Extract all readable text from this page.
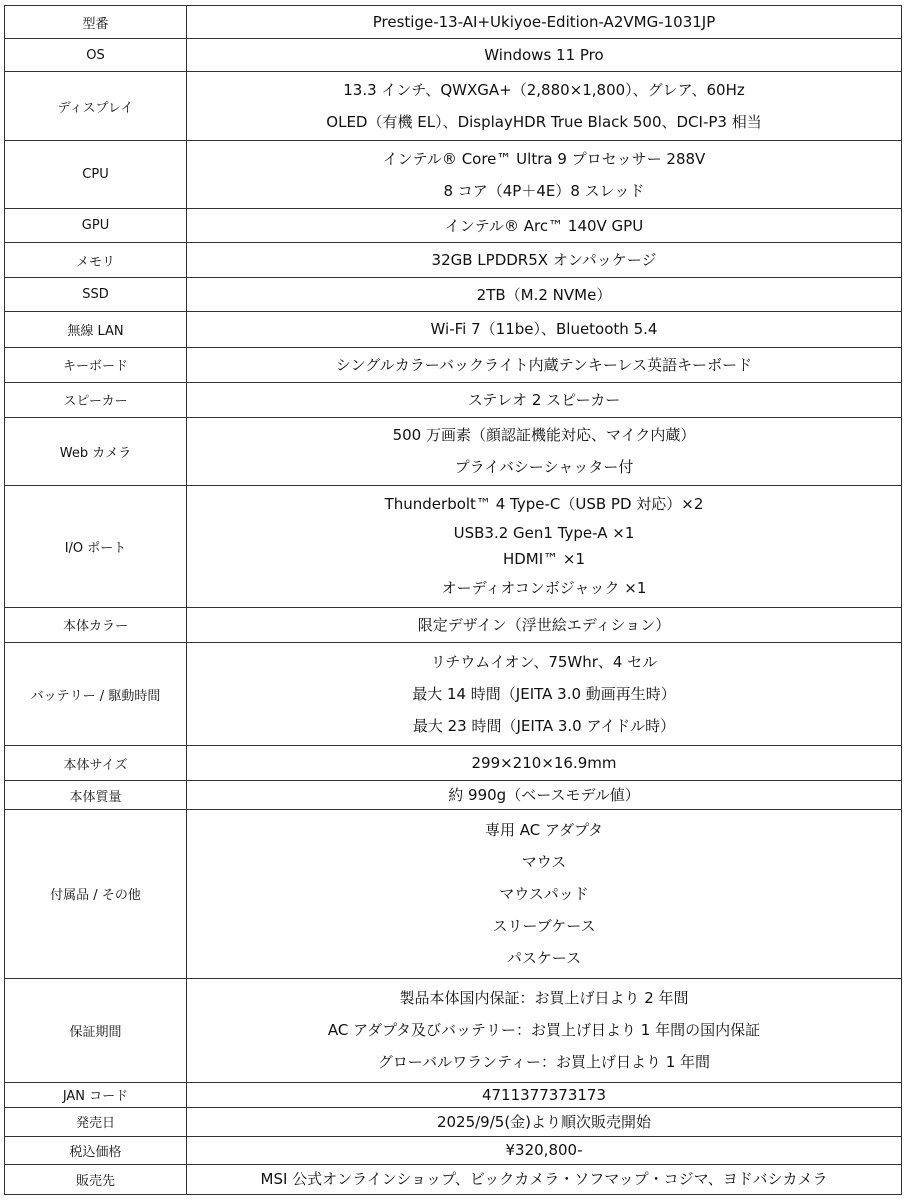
型番	Prestige-13-AI+Ukiyoe-Edition-A2VMG-1031JP

OS	Windows 11 Pro

ディスプレイ	13.3 インチ、QWXGA+（2,880×1,800）、グレア、60Hz
OLED（有機 EL）、DisplayHDR True Black 500、DCI-P3 相当

CPU	インテル® Core™ Ultra 9 プロセッサー 288V
8 コア（4P＋4E）8 スレッド

GPU	インテル® Arc™ 140V GPU

メモリ	32GB LPDDR5X オンパッケージ

SSD	2TB（M.2 NVMe）

無線 LAN	Wi-Fi 7（11be）、Bluetooth 5.4

キーボード	シングルカラーバックライト内蔵テンキーレス英語キーボード

スピーカー	ステレオ 2 スピーカー

Web カメラ	500 万画素（顔認証機能対応、マイク内蔵）
プライバシーシャッター付

I/O ポート	Thunderbolt™ 4 Type-C（USB PD 対応）×2
USB3.2 Gen1 Type-A ×1
HDMI™ ×1
オーディオコンボジャック ×1

本体カラー	限定デザイン（浮世絵エディション）

バッテリー / 駆動時間	リチウムイオン、75Whr、4 セル
最大 14 時間（JEITA 3.0 動画再生時）
最大 23 時間（JEITA 3.0 アイドル時）

本体サイズ	299×210×16.9mm

本体質量	約 990g（ベースモデル値）

付属品 / その他	専用 AC アダプタ
マウス
マウスパッド
スリーブケース
パスケース

保証期間	製品本体国内保証：お買上げ日より 2 年間
AC アダプタ及びバッテリー：お買上げ日より 1 年間の国内保証
グローバルワランティー：お買上げ日より 1 年間

JAN コード	4711377373173

発売日	2025/9/5(金)より順次販売開始

税込価格	¥320,800-

販売先	MSI 公式オンラインショップ、ビックカメラ・ソフマップ・コジマ、ヨドバシカメラ
